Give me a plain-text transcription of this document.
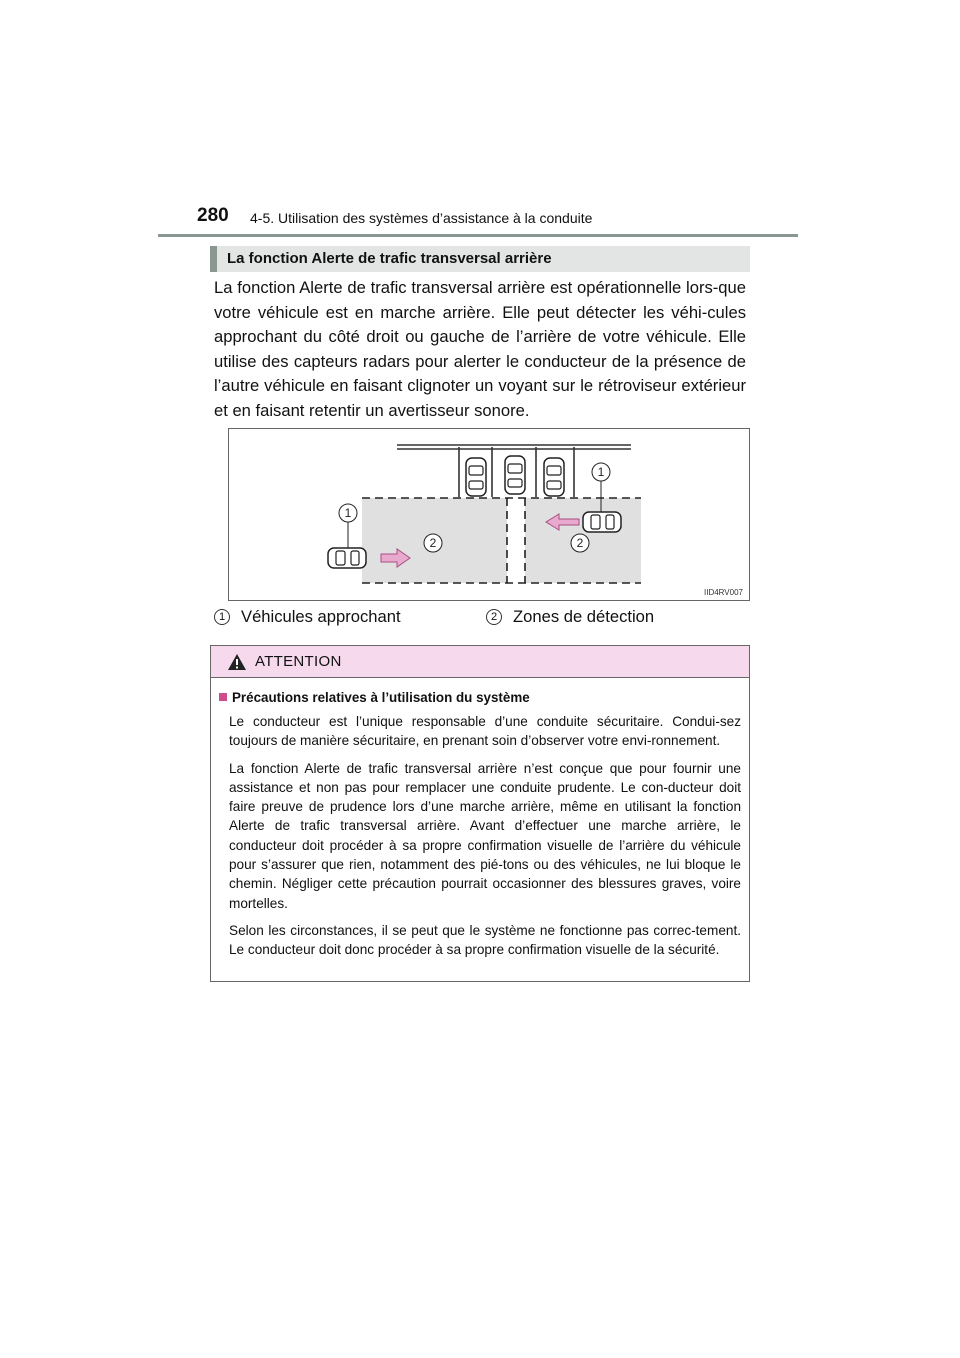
280 4-5. Utilisation des systèmes d’assistance à la conduite
La fonction Alerte de trafic transversal arrière

La fonction Alerte de trafic transversal arrière est opérationnelle lors-que votre véhicule est en marche arrière. Elle peut détecter les véhi-cules approchant du côté droit ou gauche de l’arrière de votre véhicule. Elle utilise des capteurs radars pour alerter le conducteur de la présence de l’autre véhicule en faisant clignoter un voyant sur le rétroviseur extérieur et en faisant retentir un avertisseur sonore.

1
1
2	2
IID4RV007
1 Véhicules approchant	2 Zones de détection
ATTENTION
Précautions relatives à l’utilisation du système

Le conducteur est l’unique responsable d’une conduite sécuritaire. Condui-sez toujours de manière sécuritaire, en prenant soin d’observer votre envi-ronnement.

La fonction Alerte de trafic transversal arrière n’est conçue que pour fournir une assistance et non pas pour remplacer une conduite prudente. Le con-ducteur doit faire preuve de prudence lors d’une marche arrière, même en utilisant la fonction Alerte de trafic transversal arrière. Avant d’effectuer une marche arrière, le conducteur doit procéder à sa propre confirmation visuelle de l’arrière du véhicule pour s’assurer que rien, notamment des pié-tons ou des véhicules, ne lui bloque le chemin. Négliger cette précaution pourrait occasionner des blessures graves, voire mortelles.

Selon les circonstances, il se peut que le système ne fonctionne pas correc-tement. Le conducteur doit donc procéder à sa propre confirmation visuelle de la sécurité.
